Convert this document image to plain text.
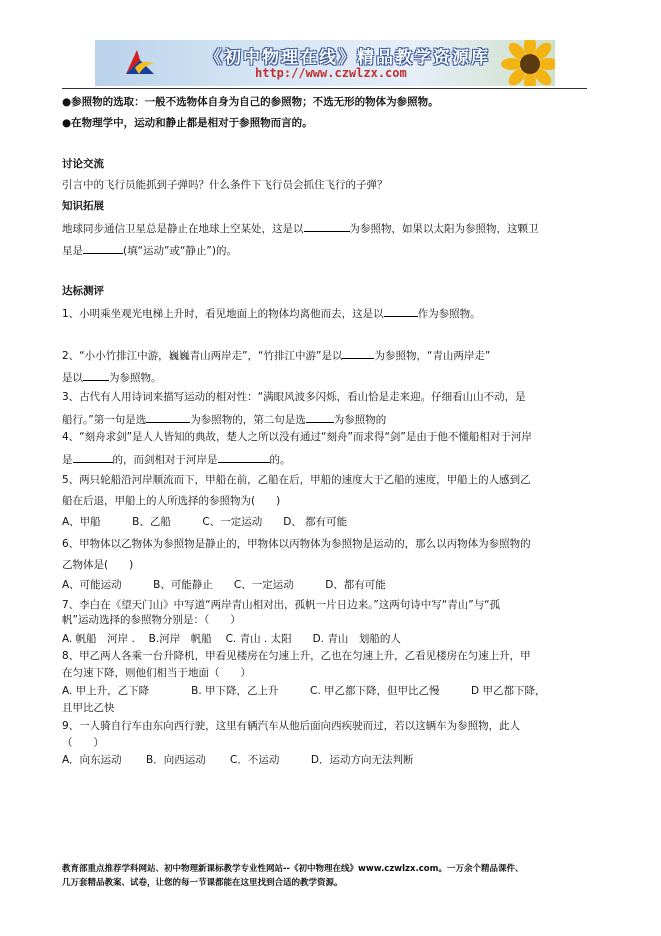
《初中物理在线》精品教学资源库
http://www.czwlzx.com
●参照物的选取：一般不选物体自身为自己的参照物；不选无形的物体为参照物。
●在物理学中，运动和静止都是相对于参照物而言的。
讨论交流
引言中的飞行员能抓到子弹吗？什么条件下飞行员会抓住飞行的子弹？
知识拓展
地球同步通信卫星总是静止在地球上空某处，这是以	为参照物，如果以太阳为参照物，这颗卫
星是	(填“运动”或“静止”)的。
达标测评
1、小明乘坐观光电梯上升时，看见地面上的物体均离他而去，这是以	作为参照物。
2、“小小竹排江中游，巍巍青山两岸走”，“竹排江中游”是以	为参照物，“青山两岸走”
是以 为参照物。
3、古代有人用诗词来描写运动的相对性：“满眼风波多闪烁，看山恰是走来迎。仔细看山山不动，是
船行。”第一句是选	为参照物的，第二句是选	为参照物的
4、“刻舟求剑”是人人皆知的典故，楚人之所以没有通过“刻舟”而求得“剑”是由于他不懂船相对于河岸
是	的，而剑相对于河岸是	的。
5、两只轮船沿河岸顺流而下，甲船在前，乙船在后，甲船的速度大于乙船的速度，甲船上的人感到乙
船在后退，甲船上的人所选择的参照物为(　　)
A、甲船　　　B、乙船　　　C、一定运动　　D、 都有可能
6、甲物体以乙物体为参照物是静止的，甲物体以丙物体为参照物是运动的，那么以丙物体为参照物的
乙物体是(　　)
A、可能运动　　　B、可能静止　　C、一定运动　　　D、都有可能
7、李白在《望天门山》中写道“两岸青山相对出，孤帆一片日边来。”这两句诗中写“青山”与“孤
帆”运动选择的参照物分别是：（　　）
A. 帆船　河岸 .　 B.河岸　帆船　 C. 青山 . 太阳　　D. 青山　划船的人
8、甲乙两人各乘一台升降机，甲看见楼房在匀速上升，乙也在匀速上升，乙看见楼房在匀速上升，甲
在匀速下降，则他们相当于地面（　　）
A. 甲上升，乙下降　　　　B. 甲下降，乙上升　　　C. 甲乙都下降，但甲比乙慢　　　D 甲乙都下降，
且甲比乙快
9、一人骑自行车由东向西行驶，这里有辆汽车从他后面向西疾驶而过，若以这辆车为参照物，此人
（　　）
A．向东运动　　 B．向西运动　　 C．不运动　　　D．运动方向无法判断
教育部重点推荐学科网站、初中物理新课标教学专业性网站--《初中物理在线》www.czwlzx.com。一万余个精品课件、
几万套精品教案、试卷，让您的每一节课都能在这里找到合适的教学资源。
